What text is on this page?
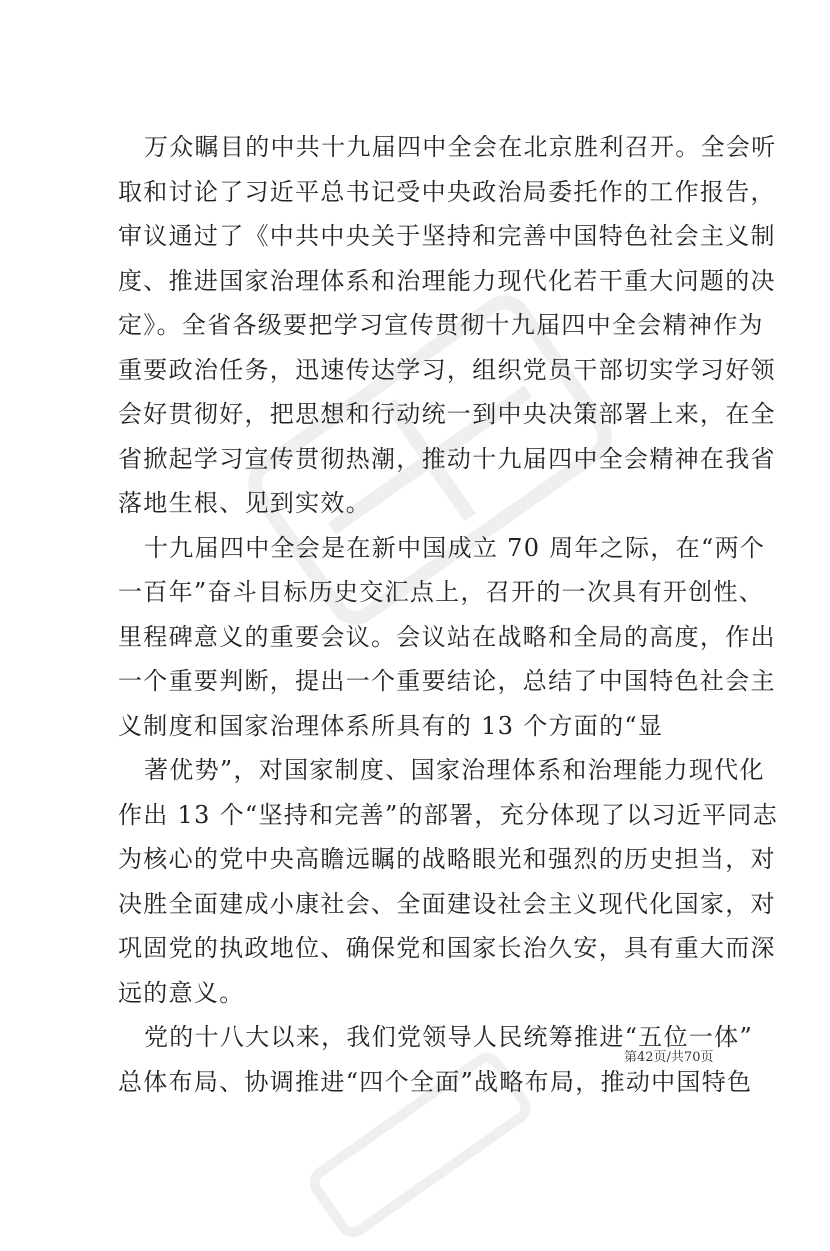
万众瞩目的中共十九届四中全会在北京胜利召开。全会听
取和讨论了习近平总书记受中央政治局委托作的工作报告，
审议通过了《中共中央关于坚持和完善中国特色社会主义制
度、推进国家治理体系和治理能力现代化若干重大问题的决
定》。全省各级要把学习宣传贯彻十九届四中全会精神作为
重要政治任务，迅速传达学习，组织党员干部切实学习好领
会好贯彻好，把思想和行动统一到中央决策部署上来，在全
省掀起学习宣传贯彻热潮，推动十九届四中全会精神在我省
落地生根、见到实效。
十九届四中全会是在新中国成立 70 周年之际，在“两个
一百年”奋斗目标历史交汇点上，召开的一次具有开创性、
里程碑意义的重要会议。会议站在战略和全局的高度，作出
一个重要判断，提出一个重要结论，总结了中国特色社会主
义制度和国家治理体系所具有的 13 个方面的“显
著优势”，对国家制度、国家治理体系和治理能力现代化
作出 13 个“坚持和完善”的部署，充分体现了以习近平同志
为核心的党中央高瞻远瞩的战略眼光和强烈的历史担当，对
决胜全面建成小康社会、全面建设社会主义现代化国家，对
巩固党的执政地位、确保党和国家长治久安，具有重大而深
远的意义。
党的十八大以来，我们党领导人民统筹推进“五位一体”
总体布局、协调推进“四个全面”战略布局，推动中国特色
第42页/共70页
